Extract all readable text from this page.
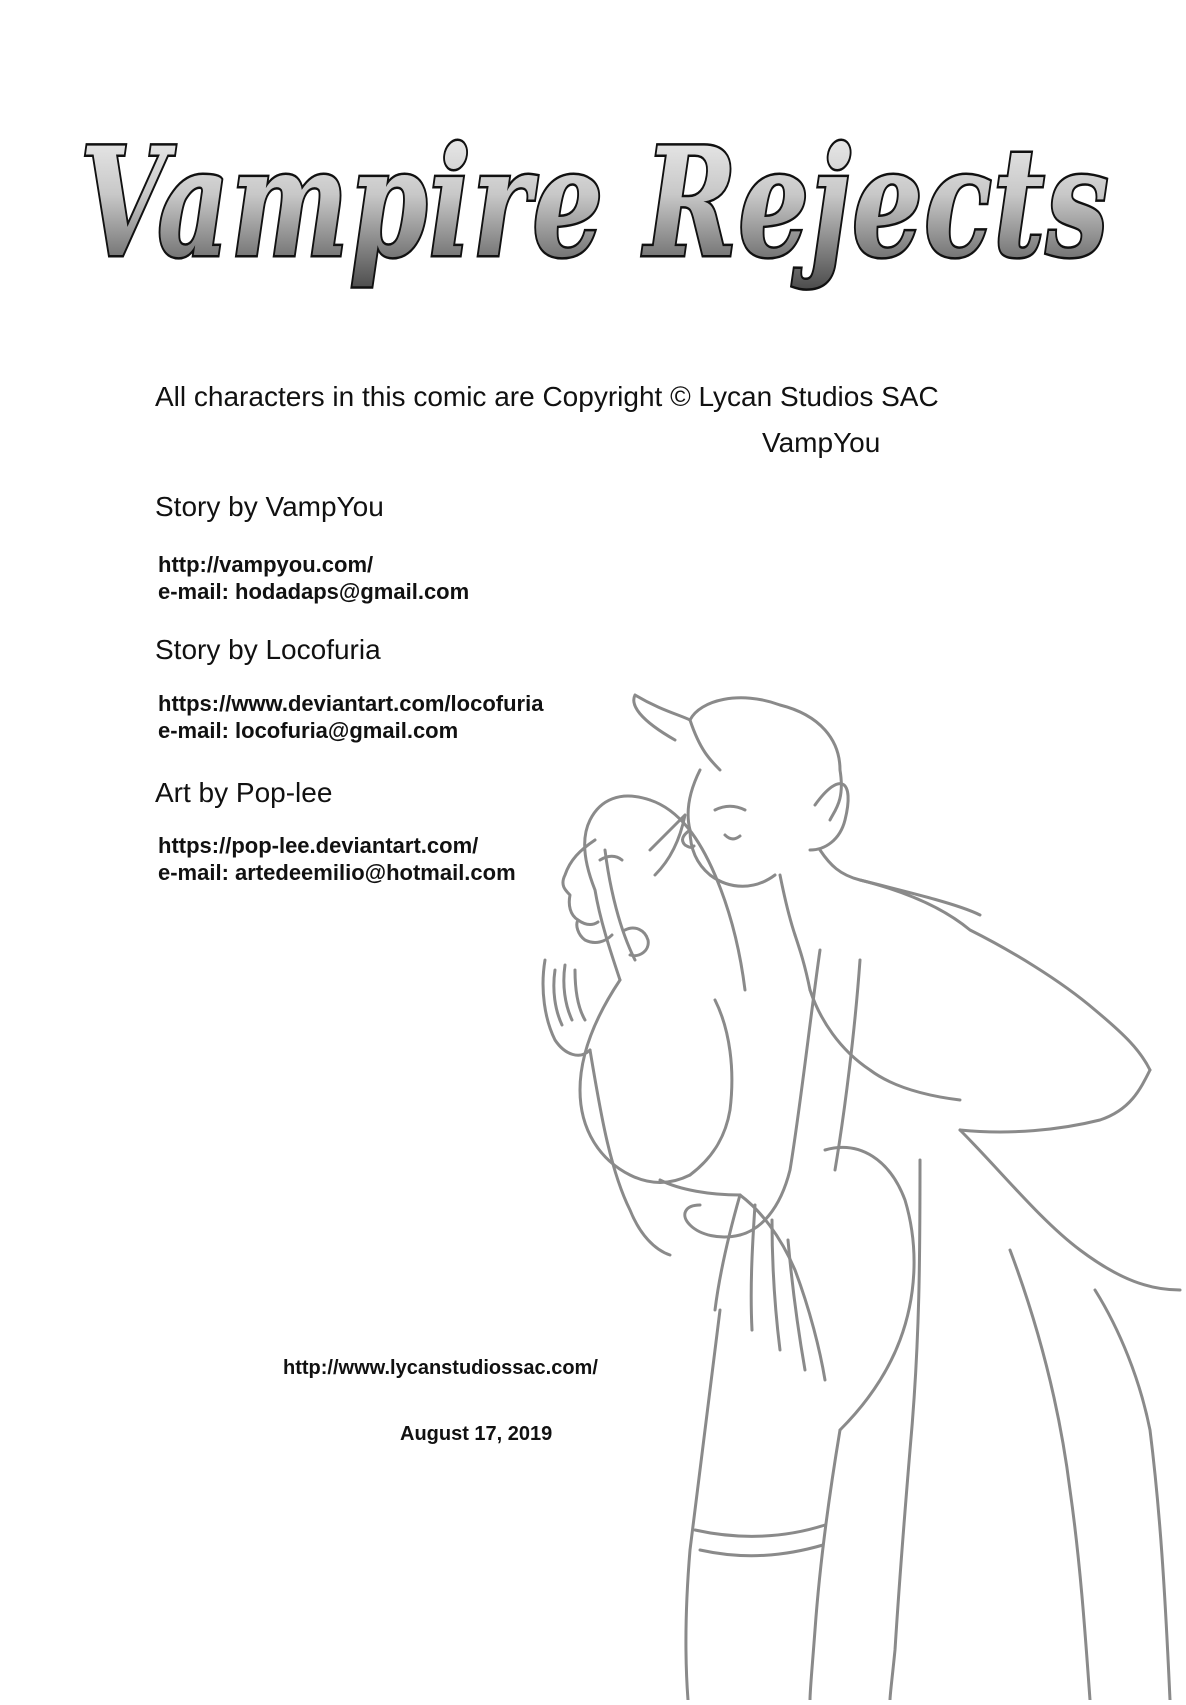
Vampire Rejects
All characters in this comic are Copyright © Lycan Studios SAC
VampYou
Story by VampYou
http://vampyou.com/
e-mail: hodadaps@gmail.com
Story by Locofuria
https://www.deviantart.com/locofuria
e-mail: locofuria@gmail.com
Art by Pop-lee
https://pop-lee.deviantart.com/
e-mail: artedeemilio@hotmail.com
http://www.lycanstudiossac.com/
August 17, 2019
